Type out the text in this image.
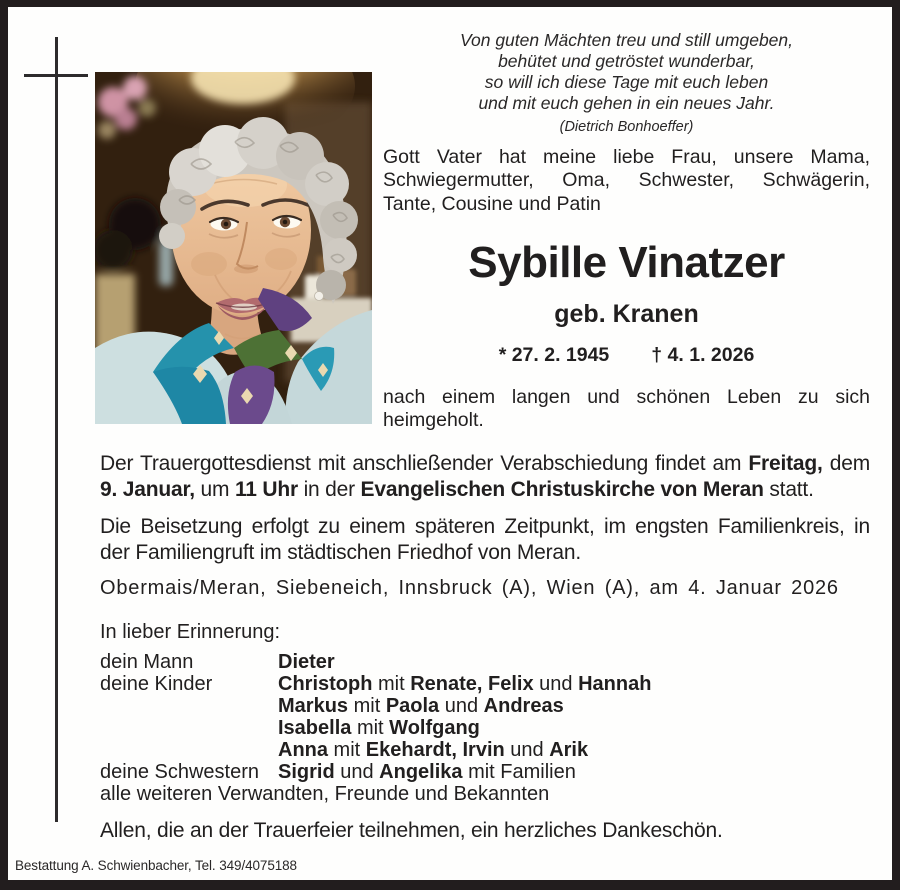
Von guten Mächten treu und still umgeben,
behütet und getröstet wunderbar,
so will ich diese Tage mit euch leben
und mit euch gehen in ein neues Jahr.
(Dietrich Bonhoeffer)
Gott Vater hat meine liebe Frau, unsere Mama,
Schwiegermutter, Oma, Schwester, Schwägerin,
Tante, Cousine und Patin
Sybille Vinatzer
geb. Kranen
* 27. 2. 1945 † 4. 1. 2026
nach einem langen und schönen Leben zu sich
heimgeholt.
Der Trauergottesdienst mit anschließender Verabschiedung findet am Freitag, dem
9. Januar, um 11 Uhr in der Evangelischen Christuskirche von Meran statt.
Die Beisetzung erfolgt zu einem späteren Zeitpunkt, im engsten Familienkreis, in
der Familiengruft im städtischen Friedhof von Meran.
Obermais/Meran, Siebeneich, Innsbruck (A), Wien (A), am 4. Januar 2026
In lieber Erinnerung:
dein Mann	Dieter
deine Kinder	Christoph mit Renate, Felix und Hannah
Markus mit Paola und Andreas
Isabella mit Wolfgang
Anna mit Ekehardt, Irvin und Arik
deine Schwestern Sigrid und Angelika mit Familien
alle weiteren Verwandten, Freunde und Bekannten
Allen, die an der Trauerfeier teilnehmen, ein herzliches Dankeschön.
Bestattung A. Schwienbacher, Tel. 349/4075188
